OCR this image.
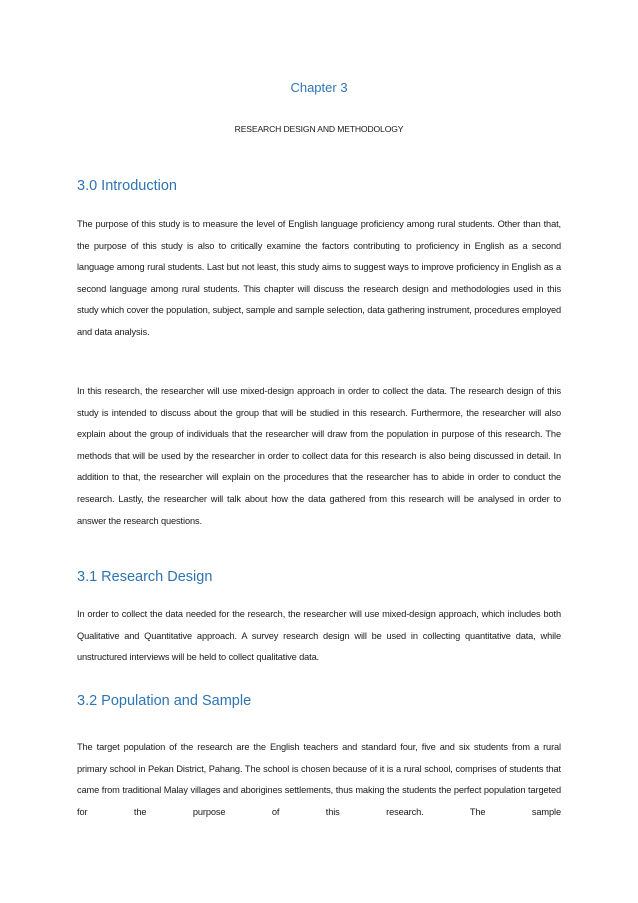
Chapter 3
RESEARCH DESIGN AND METHODOLOGY
3.0 Introduction

The purpose of this study is to measure the level of English language proficiency among rural students. Other than that, the purpose of this study is also to critically examine the factors contributing to proficiency in English as a second language among rural students. Last but not least, this study aims to suggest ways to improve proficiency in English as a second language among rural students. This chapter will discuss the research design and methodologies used in this study which cover the population, subject, sample and sample selection, data gathering instrument, procedures employed and data analysis.

In this research, the researcher will use mixed-design approach in order to collect the data. The research design of this study is intended to discuss about the group that will be studied in this research. Furthermore, the researcher will also explain about the group of individuals that the researcher will draw from the population in purpose of this research. The methods that will be used by the researcher in order to collect data for this research is also being discussed in detail. In addition to that, the researcher will explain on the procedures that the researcher has to abide in order to conduct the research. Lastly, the researcher will talk about how the data gathered from this research will be analysed in order to answer the research questions.

3.1 Research Design

In order to collect the data needed for the research, the researcher will use mixed-design approach, which includes both Qualitative and Quantitative approach. A survey research design will be used in collecting quantitative data, while unstructured interviews will be held to collect qualitative data.

3.2 Population and Sample

The target population of the research are the English teachers and standard four, five and six students from a rural primary school in Pekan District, Pahang. The school is chosen because of it is a rural school, comprises of students that came from traditional Malay villages and aborigines settlements, thus making the students the perfect population targeted for the purpose of this research. The sample
